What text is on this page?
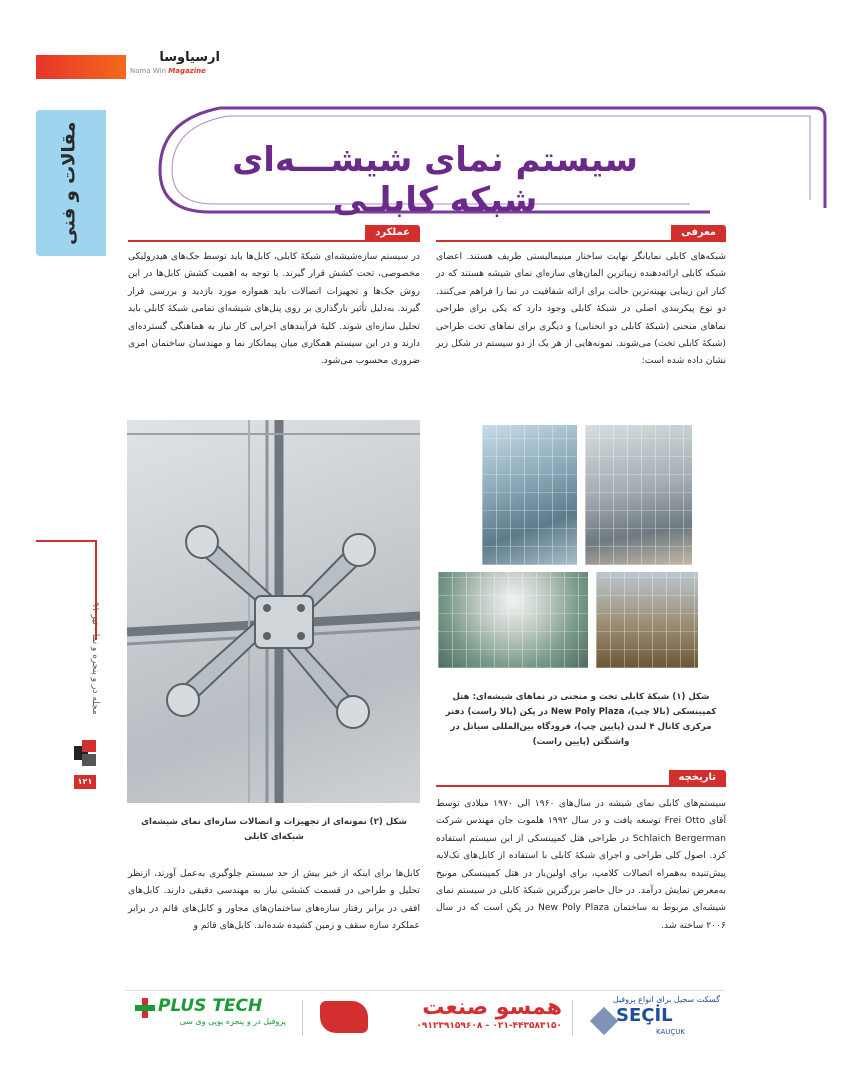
ارسیاوسا
Nama Win Magazine
مقالات و فنی	سیستم نمای شیشـــه‌ای شبکه کابلـی
عملکرد
در سیستم سازه‌شیشه‌ای شبکهٔ کابلی، کابل‌ها باید توسط جک‌های هیدرولیکی مخصوصی، تحت کشش قرار گیرند. با توجه به اهمیت کشش کابل‌ها در این روش جک‌ها و تجهیزات اتصالات باید همواره مورد بازدید و بررسی قرار گیرند. به‌دلیل تأثیر بارگذاری بر روی پنل‌های شیشه‌ای تمامی شبکهٔ کابلی باید تحلیل سازه‌ای شوند. کلیهٔ فرآیندهای اجرایی کار نیاز به هماهنگی گسترده‌ای دارند و در این سیستم همکاری میان پیمانکار نما و مهندسان ساختمان امری ضروری محسوب می‌شود.
معرفی
شبکه‌های کابلی نمایانگر نهایت ساختار مینیمالیستی ظریف هستند. اعضای شبکه کابلی ارائه‌دهنده زیباترین المان‌های سازه‌ای نمای شیشه هستند که در کنار این زیبایی بهینه‌ترین حالت برای ارائه شفافیت در نما را فراهم می‌کنند. دو نوع پیکربندی اصلی در شبکهٔ کابلی وجود دارد که یکی برای طراحی نماهای منحنی (شبکهٔ کابلی دو انحنایی) و دیگری برای نماهای تخت طراحی (شبکهٔ کابلی تخت) می‌شوند. نمونه‌هایی از هر یک از دو سیستم در شکل زیر نشان داده شده است:
شکل (۱) شبکهٔ کابلی تخت و منحنی در نماهای شیشه‌ای: هتل کمپینسکی (بالا چپ)، New Poly Plaza در پکن (بالا راست) دفتر مرکزی کانال ۴ لندن (پایین چپ)، فرودگاه بین‌المللی سیاتل در واشنگتن (پایین راست)
شکل (۲) نمونه‌ای از تجهیزات و اتصالات سازه‌ای نمای شیشه‌ای شبکه‌ای کابلی
کابل‌ها برای اینکه از خیز بیش از حد سیستم جلوگیری به‌عمل آورند، ازنظر تحلیل و طراحی در قسمت کششی نیاز به مهندسی دقیقی دارند. کابل‌های افقی در برابر رفتار سازه‌های ساختمان‌های مجاور و کابل‌های قائم در برابر عملکرد سازه سقف و زمین کشیده شده‌اند. کابل‌های قائم و
تاریخچه
سیستم‌های کابلی نمای شیشه در سال‌های ۱۹۶۰ الی ۱۹۷۰ میلادی توسط آقای Frei Otto توسعه یافت و در سال ۱۹۹۲ هلموت جان مهندس شرکت Schlaich Bergerman در طراحی هتل کمپینسکی از این سیستم استفاده کرد. اصول کلی طراحی و اجرای شبکهٔ کابلی با استفاده از کابل‌های تک‌لایه پیش‌تنیده به‌همراه اتصالات کلامپ، برای اولین‌بار در هتل کمپینسکی مونیخ به‌معرض نمایش درآمد. در حال حاضر بزرگترین شبکهٔ کابلی در سیستم نمای شیشه‌ای مربوط به ساختمان New Poly Plaza در پکن است که در سال ۲۰۰۶ ساخته شد.
مجله در و پنجره و نما - تیر ۹۱
۱۲۱
PLUS TECH
پروفیل در و پنجره یوپی وی سی
همسو صنعت
۰۲۱-۴۴۳۵۸۳۱۵۰ - ۰۹۱۲۳۹۱۵۹۶۰۸
گسکت سجیل برای انواع پروفیل
SEÇİL
KAUÇUK
